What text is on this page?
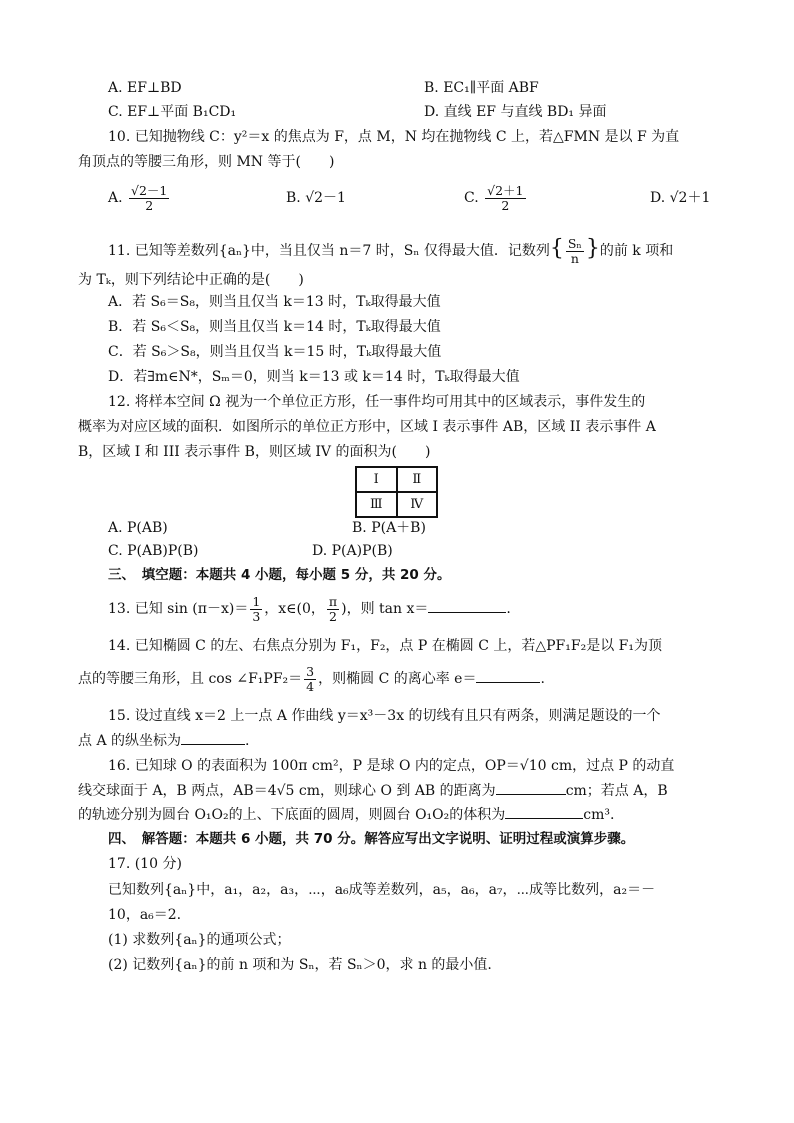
A. EF⊥BD	B. EC₁∥平面 ABF
C. EF⊥平面 B₁CD₁	D. 直线 EF 与直线 BD₁ 异面
10. 已知抛物线 C：y²＝x 的焦点为 F，点 M，N 均在抛物线 C 上，若△FMN 是以 F 为直
角顶点的等腰三角形，则 MN 等于(　　)
A. $\frac{√2-1}{2}$	B. √2－1	C. $\frac{√2+1}{2}$	D. √2＋1
11. 已知等差数列{aₙ}中，当且仅当 n＝7 时，Sₙ 仅得最大值．记数列{ $\frac{\text{Sₙ}}{n}$ }的前 k 项和
为 Tₖ，则下列结论中正确的是(　　)
A．若 S₆＝S₈，则当且仅当 k＝13 时，Tₖ取得最大值
B．若 S₆＜S₈，则当且仅当 k＝14 时，Tₖ取得最大值
C．若 S₆＞S₈，则当且仅当 k＝15 时，Tₖ取得最大值
D．若∃m∈N*，Sₘ＝0，则当 k＝13 或 k＝14 时，Tₖ取得最大值
12. 将样本空间 Ω 视为一个单位正方形，任一事件均可用其中的区域表示，事件发生的
概率为对应区域的面积．如图所示的单位正方形中，区域 I 表示事件 AB，区域 II 表示事件 A
B，区域 I 和 III 表示事件 B，则区域 IV 的面积为(　　)
Ⅰ	Ⅱ
Ⅲ	Ⅳ
A. P(AB)	B. P(A＋B)
C. P(AB)P(B)	D. P(A)P(B)
三、　填空题：本题共 4 小题，每小题 5 分，共 20 分。
13. 已知 $\sin (\pi-x)= \frac{1}{3}$ ，x∈(0， $\frac{\pi}{2}$ )，则 tan x＝	.
14. 已知椭圆 C 的左、右焦点分别为 F₁，F₂，点 P 在椭圆 C 上，若△PF₁F₂是以 F₁为顶
点的等腰三角形，且 cos ∠F₁PF₂＝ $\frac{3}{4}$ ，则椭圆 C 的离心率 e＝	.
15. 设过直线 x＝2 上一点 A 作曲线 y＝x³－3x 的切线有且只有两条，则满足题设的一个
点 A 的纵坐标为	.
16. 已知球 O 的表面积为 100π cm²，P 是球 O 内的定点，OP＝√10 cm，过点 P 的动直
线交球面于 A，B 两点，AB＝4√5 cm，则球心 O 到 AB 的距离为	cm；若点 A，B
的轨迹分别为圆台 O₁O₂的上、下底面的圆周，则圆台 O₁O₂的体积为	cm³.
四、　解答题：本题共 6 小题，共 70 分。解答应写出文字说明、证明过程或演算步骤。
17. (10 分)
已知数列{aₙ}中，a₁，a₂，a₃，⋯，a₆成等差数列，a₅，a₆，a₇，⋯成等比数列，a₂＝－
10，a₆＝2.
(1) 求数列{aₙ}的通项公式；
(2) 记数列{aₙ}的前 n 项和为 Sₙ，若 Sₙ＞0，求 n 的最小值.
